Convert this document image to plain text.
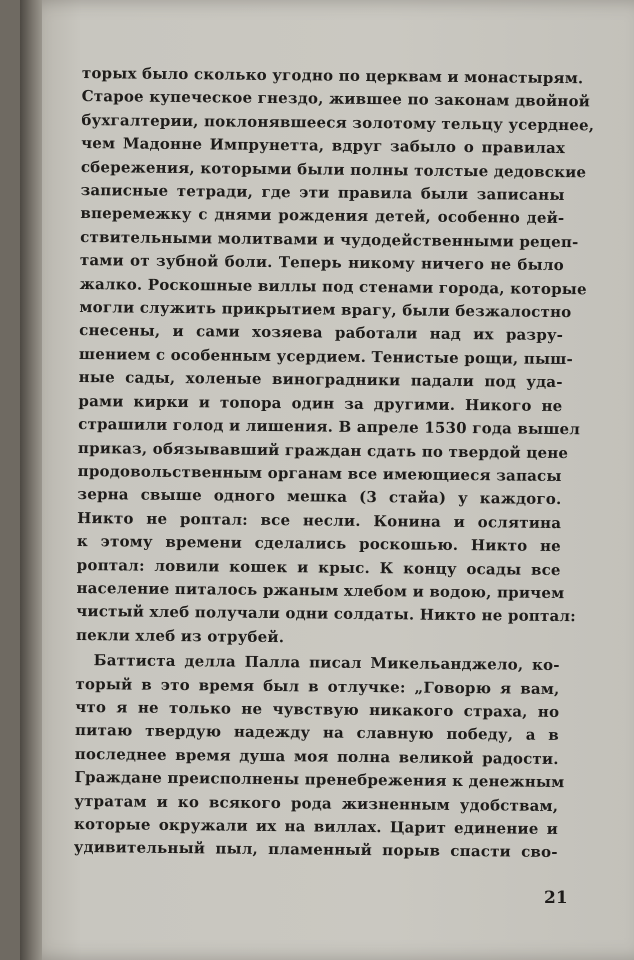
торых было сколько угодно по церквам и монастырям.
Старое купеческое гнездо, жившее по законам двойной
бухгалтерии, поклонявшееся золотому тельцу усерднее,
чем Мадонне Импрунетта, вдруг забыло о правилах
сбережения, которыми были полны толстые дедовские
записные тетради, где эти правила были записаны
вперемежку с днями рождения детей, особенно дей-
ствительными молитвами и чудодейственными рецеп-
тами от зубной боли. Теперь никому ничего не было
жалко. Роскошные виллы под стенами города, которые
могли служить прикрытием врагу, были безжалостно
снесены, и сами хозяева работали над их разру-
шением с особенным усердием. Тенистые рощи, пыш-
ные сады, холеные виноградники падали под уда-
рами кирки и топора один за другими. Никого не
страшили голод и лишения. В апреле 1530 года вышел
приказ, обязывавший граждан сдать по твердой цене
продовольственным органам все имеющиеся запасы
зерна свыше одного мешка (3 стайа) у каждого.
Никто не роптал: все несли. Конина и ослятина
к этому времени сделались роскошью. Никто не
роптал: ловили кошек и крыс. К концу осады все
население питалось ржаным хлебом и водою, причем
чистый хлеб получали одни солдаты. Никто не роптал:
пекли хлеб из отрубей.
Баттиста делла Палла писал Микельанджело, ко-
торый в это время был в отлучке: „Говорю я вам,
что я не только не чувствую никакого страха, но
питаю твердую надежду на славную победу, а в
последнее время душа моя полна великой радости.
Граждане преисполнены пренебрежения к денежным
утратам и ко всякого рода жизненным удобствам,
которые окружали их на виллах. Царит единение и
удивительный пыл, пламенный порыв спасти сво-
21
